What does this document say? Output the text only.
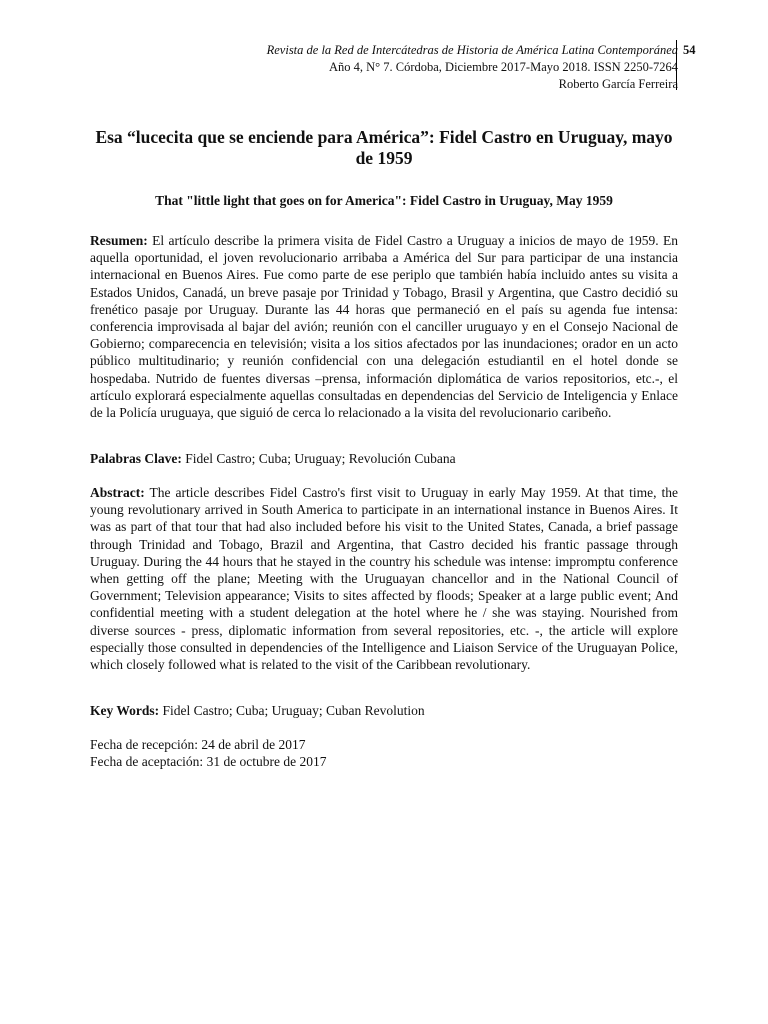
Revista de la Red de Intercátedras de Historia de América Latina Contemporánea
Año 4, N° 7. Córdoba, Diciembre 2017-Mayo 2018. ISSN 2250-7264
Roberto García Ferreira
54
Esa “lucecita que se enciende para América”: Fidel Castro en Uruguay, mayo de 1959
That "little light that goes on for America": Fidel Castro in Uruguay, May 1959
Resumen: El artículo describe la primera visita de Fidel Castro a Uruguay a inicios de mayo de 1959. En aquella oportunidad, el joven revolucionario arribaba a América del Sur para participar de una instancia internacional en Buenos Aires. Fue como parte de ese periplo que también había incluido antes su visita a Estados Unidos, Canadá, un breve pasaje por Trinidad y Tobago, Brasil y Argentina, que Castro decidió su frenético pasaje por Uruguay. Durante las 44 horas que permaneció en el país su agenda fue intensa: conferencia improvisada al bajar del avión; reunión con el canciller uruguayo y en el Consejo Nacional de Gobierno; comparecencia en televisión; visita a los sitios afectados por las inundaciones; orador en un acto público multitudinario; y reunión confidencial con una delegación estudiantil en el hotel donde se hospedaba. Nutrido de fuentes diversas –prensa, información diplomática de varios repositorios, etc.-, el artículo explorará especialmente aquellas consultadas en dependencias del Servicio de Inteligencia y Enlace de la Policía uruguaya, que siguió de cerca lo relacionado a la visita del revolucionario caribeño.
Palabras Clave: Fidel Castro; Cuba; Uruguay; Revolución Cubana
Abstract: The article describes Fidel Castro's first visit to Uruguay in early May 1959. At that time, the young revolutionary arrived in South America to participate in an international instance in Buenos Aires. It was as part of that tour that had also included before his visit to the United States, Canada, a brief passage through Trinidad and Tobago, Brazil and Argentina, that Castro decided his frantic passage through Uruguay. During the 44 hours that he stayed in the country his schedule was intense: impromptu conference when getting off the plane; Meeting with the Uruguayan chancellor and in the National Council of Government; Television appearance; Visits to sites affected by floods; Speaker at a large public event; And confidential meeting with a student delegation at the hotel where he / she was staying. Nourished from diverse sources - press, diplomatic information from several repositories, etc. -, the article will explore especially those consulted in dependencies of the Intelligence and Liaison Service of the Uruguayan Police, which closely followed what is related to the visit of the Caribbean revolutionary.
Key Words: Fidel Castro; Cuba; Uruguay; Cuban Revolution
Fecha de recepción: 24 de abril de 2017
Fecha de aceptación: 31 de octubre de 2017
